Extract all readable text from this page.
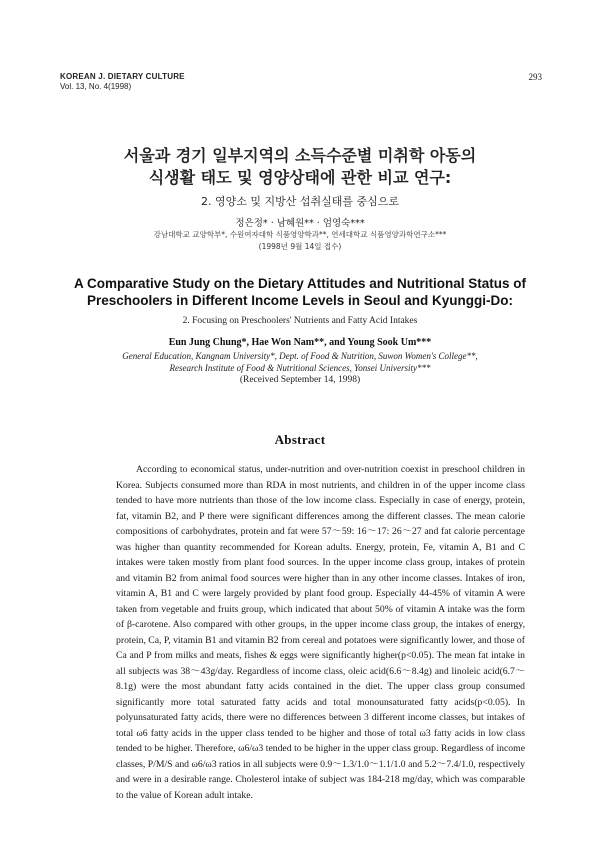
KOREAN J. DIETARY CULTURE
Vol. 13, No. 4(1998)
293
서울과 경기 일부지역의 소득수준별 미취학 아동의
식생활 태도 및 영양상태에 관한 비교 연구:
2. 영양소 및 지방산 섭취실태를 중심으로
정은정* · 남혜원** · 엄영숙***
강남대학교 교양학부*, 수원여자대학 식품영양학과**, 연세대학교 식품영양과학연구소***
(1998년 9월 14일 접수)
A Comparative Study on the Dietary Attitudes and Nutritional Status of
Preschoolers in Different Income Levels in Seoul and Kyunggi-Do:
2. Focusing on Preschoolers' Nutrients and Fatty Acid Intakes
Eun Jung Chung*, Hae Won Nam**, and Young Sook Um***
General Education, Kangnam University*, Dept. of Food & Nutrition, Suwon Women's College**,
Research Institute of Food & Nutritional Sciences, Yonsei University***
(Received September 14, 1998)
Abstract

According to economical status, under-nutrition and over-nutrition coexist in preschool children in Korea. Subjects consumed more than RDA in most nutrients, and children in of the upper income class tended to have more nutrients than those of the low income class. Especially in case of energy, protein, fat, vitamin B2, and P there were significant differences among the different classes. The mean calorie compositions of carbohydrates, protein and fat were 57～59: 16～17: 26～27 and fat calorie percentage was higher than quantity recommended for Korean adults. Energy, protein, Fe, vitamin A, B1 and C intakes were taken mostly from plant food sources. In the upper income class group, intakes of protein and vitamin B2 from animal food sources were higher than in any other income classes. Intakes of iron, vitamin A, B1 and C were largely provided by plant food group. Especially 44-45% of vitamin A were taken from vegetable and fruits group, which indicated that about 50% of vitamin A intake was the form of β-carotene. Also compared with other groups, in the upper income class group, the intakes of energy, protein, Ca, P, vitamin B1 and vitamin B2 from cereal and potatoes were significantly lower, and those of Ca and P from milks and meats, fishes & eggs were significantly higher(p<0.05). The mean fat intake in all subjects was 38～43g/day. Regardless of income class, oleic acid(6.6～8.4g) and linoleic acid(6.7～8.1g) were the most abundant fatty acids contained in the diet. The upper class group consumed significantly more total saturated fatty acids and total monounsaturated fatty acids(p<0.05). In polyunsaturated fatty acids, there were no differences between 3 different income classes, but intakes of total ω6 fatty acids in the upper class tended to be higher and those of total ω3 fatty acids in low class tended to be higher. Therefore, ω6/ω3 tended to be higher in the upper class group. Regardless of income classes, P/M/S and ω6/ω3 ratios in all subjects were 0.9～1.3/1.0～1.1/1.0 and 5.2～7.4/1.0, respectively and were in a desirable range. Cholesterol intake of subject was 184-218 mg/day, which was comparable to the value of Korean adult intake.
